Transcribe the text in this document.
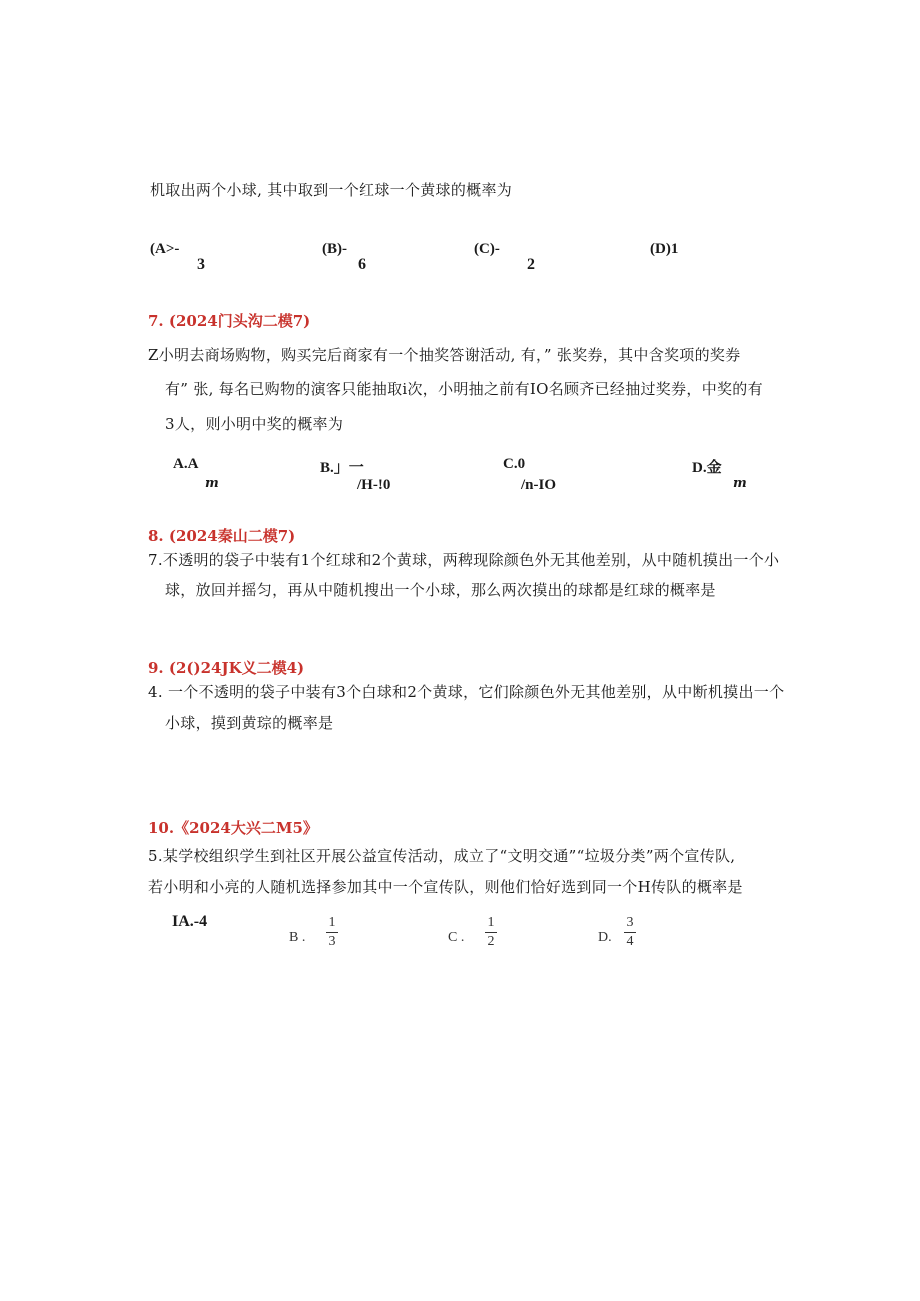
机取出两个小球, 其中取到一个红球一个黄球的概率为
(A>-
3
(B)-
6
(C)-
2
(D)1
7. (2024门头沟二模7)
Z小明去商场购物，购买完后商家有一个抽奖答谢活动, 有，” 张奖券，其中含奖项的奖券
有” 张, 每名已购物的演客只能抽取i次，小明抽之前有IO名顾齐已经抽过奖券，中奖的有
3人，则小明中奖的概率为
A.A
m
B.」一
/H-!0
C.0
/n-IO
D.金
m
8. (2024秦山二模7)
7.不透明的袋子中装有1个红球和2个黄球，两稗现除颜色外无其他差别，从中随机摸出一个小
球，放回并摇匀，再从中随机搜出一个小球，那么两次摸出的球都是红球的概率是
9. (2()24JK义二模4)
4. 一个不透明的袋子中装有3个白球和2个黄球，它们除颜色外无其他差别，从中断机摸出一个
小球，摸到黄琮的概率是
10.《2024大兴二M5》
5.某学校组织学生到社区开展公益宣传活动，成立了“文明交通”“垃圾分类”两个宣传队,
若小明和小亮的人随机选择参加其中一个宣传队，则他们恰好选到同一个H传队的概率是
IA.-4
B .
1
3	C .
1
2	D.
3
4
